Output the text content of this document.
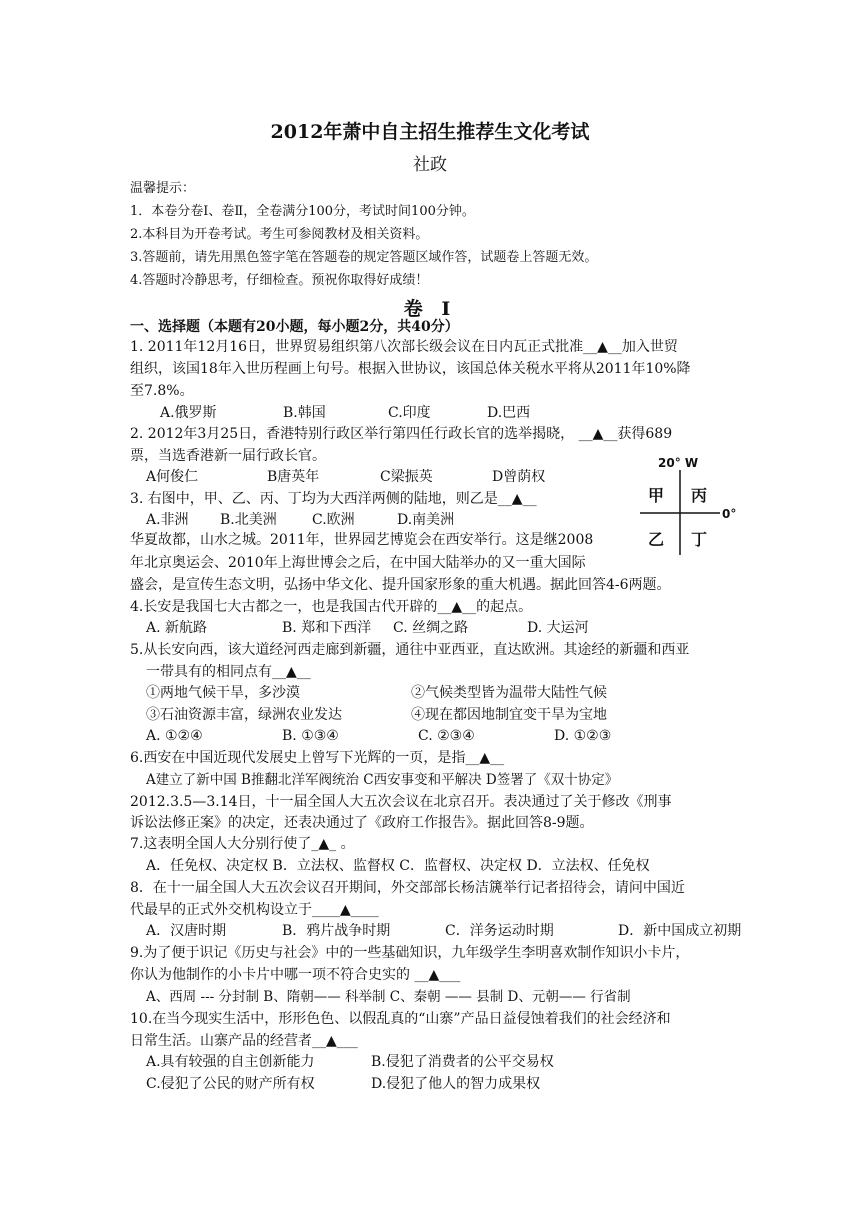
2012年萧中自主招生推荐生文化考试
社政
温馨提示：
1．本卷分卷Ⅰ、卷Ⅱ，全卷满分100分，考试时间100分钟。
2.本科目为开卷考试。考生可参阅教材及相关资料。
3.答题前，请先用黑色签字笔在答题卷的规定答题区域作答，试题卷上答题无效。
4.答题时冷静思考，仔细检查。预祝你取得好成绩！
卷 Ⅰ
一、选择题（本题有20小题，每小题2分，共40分）
1. 2011年12月16日，世界贸易组织第八次部长级会议在日内瓦正式批准__▲__加入世贸
组织，该国18年入世历程画上句号。根据入世协议，该国总体关税水平将从2011年10%降
至7.8%。
A.俄罗斯	B.韩国	C.印度	D.巴西
2. 2012年3月25日，香港特别行政区举行第四任行政长官的选举揭晓， __▲__获得689
票，当选香港新一届行政长官。
A何俊仁	B唐英年	C梁振英	D曾荫权
3. 右图中，甲、乙、丙、丁均为大西洋两侧的陆地，则乙是__▲__
A.非洲 B.北美洲	C.欧洲	D.南美洲
20° W
0°
甲 丙
乙 丁
华夏故都，山水之城。2011年，世界园艺博览会在西安举行。这是继2008
年北京奥运会、2010年上海世博会之后，在中国大陆举办的又一重大国际
盛会，是宣传生态文明，弘扬中华文化、提升国家形象的重大机遇。据此回答4-6两题。
4.长安是我国七大古都之一，也是我国古代开辟的__▲__的起点。
A. 新航路	B. 郑和下西洋 C. 丝绸之路	D. 大运河
5.从长安向西，该大道经河西走廊到新疆，通往中亚西亚，直达欧洲。其途经的新疆和西亚
一带具有的相同点有__▲__
①两地气候干旱，多沙漠	②气候类型皆为温带大陆性气候
③石油资源丰富，绿洲农业发达	④现在都因地制宜变干旱为宝地
A. ①②④	B. ①③④	C. ②③④	D. ①②③
6.西安在中国近现代发展史上曾写下光辉的一页，是指__▲__
A建立了新中国 B推翻北洋军阀统治 C西安事变和平解决 D签署了《双十协定》
2012.3.5—3.14日，十一届全国人大五次会议在北京召开。表决通过了关于修改《刑事
诉讼法修正案》的决定，还表决通过了《政府工作报告》。据此回答8-9题。
7.这表明全国人大分别行使了_▲_ 。
A．任免权、决定权 B．立法权、监督权 C．监督权、决定权 D．立法权、任免权
8．在十一届全国人大五次会议召开期间，外交部部长杨洁篪举行记者招待会，请问中国近
代最早的正式外交机构设立于____▲____
A．汉唐时期	B．鸦片战争时期	C．洋务运动时期	D．新中国成立初期
9.为了便于识记《历史与社会》中的一些基础知识，九年级学生李明喜欢制作知识小卡片，
你认为他制作的小卡片中哪一项不符合史实的 __▲___
A、西周 --- 分封制 B、隋朝—— 科举制 C、秦朝 —— 县制 D、元朝—— 行省制
10.在当今现实生活中，形形色色、以假乱真的“山寨”产品日益侵蚀着我们的社会经济和
日常生活。山寨产品的经营者__▲___
A.具有较强的自主创新能力	B.侵犯了消费者的公平交易权
C.侵犯了公民的财产所有权	D.侵犯了他人的智力成果权
